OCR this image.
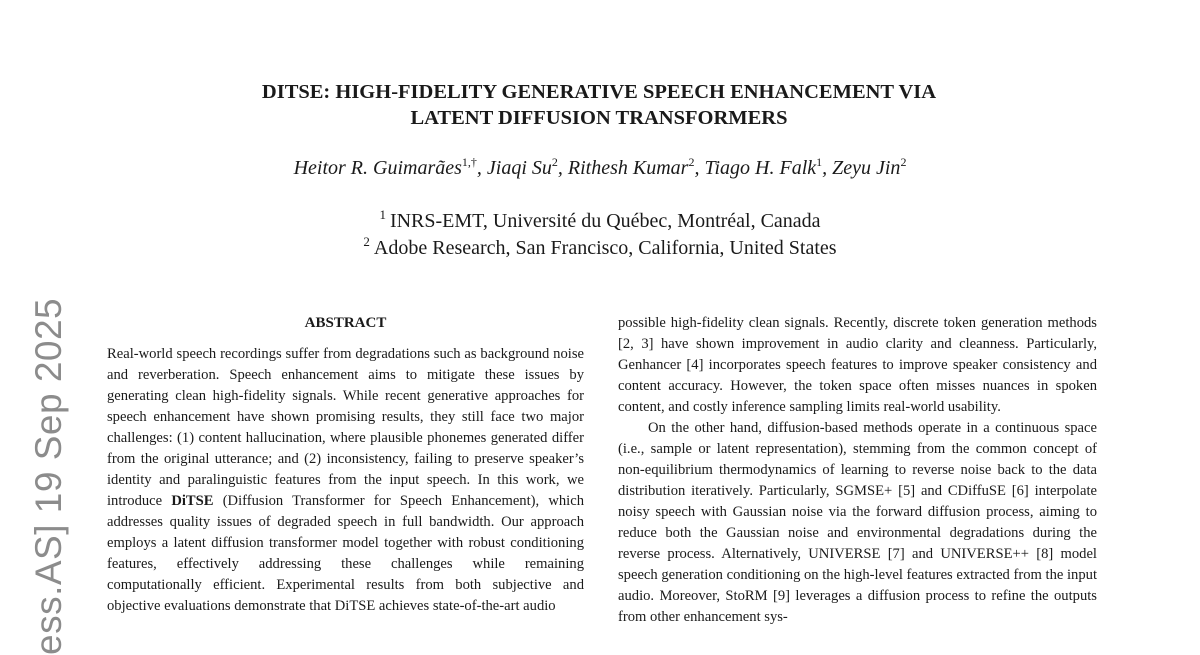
DITSE: HIGH-FIDELITY GENERATIVE SPEECH ENHANCEMENT VIA
LATENT DIFFUSION TRANSFORMERS
Heitor R. Guimarães$^{1,\dagger}$, Jiaqi Su$^2$, Rithesh Kumar$^2$, Tiago H. Falk$^1$, Zeyu Jin$^2$
$^1$ INRS-EMT, Université du Québec, Montréal, Canada
$^2$ Adobe Research, San Francisco, California, United States
ess.AS] 19 Sep 2025	ABSTRACT
Real-world speech recordings suffer from degradations such as background noise and reverberation. Speech enhancement aims to mitigate these issues by generating clean high-fidelity signals. While recent generative approaches for speech enhancement have shown promising results, they still face two major challenges: (1) content hallucination, where plausible phonemes generated differ from the original utterance; and (2) inconsistency, failing to preserve speaker’s identity and paralinguistic features from the input speech. In this work, we introduce DiTSE (Diffusion Transformer for Speech Enhancement), which addresses quality issues of degraded speech in full bandwidth. Our approach employs a latent diffusion transformer model together with robust conditioning features, effectively addressing these challenges while remaining computationally efficient. Experimental results from both subjective and objective evaluations demonstrate that DiTSE achieves state-of-the-art audio

possible high-fidelity clean signals. Recently, discrete token generation methods [2, 3] have shown improvement in audio clarity and cleanness. Particularly, Genhancer [4] incorporates speech features to improve speaker consistency and content accuracy. However, the token space often misses nuances in spoken content, and costly inference sampling limits real-world usability.

On the other hand, diffusion-based methods operate in a continuous space (i.e., sample or latent representation), stemming from the common concept of non-equilibrium thermodynamics of learning to reverse noise back to the data distribution iteratively. Particularly, SGMSE+ [5] and CDiffuSE [6] interpolate noisy speech with Gaussian noise via the forward diffusion process, aiming to reduce both the Gaussian noise and environmental degradations during the reverse process. Alternatively, UNIVERSE [7] and UNIVERSE++ [8] model speech generation conditioning on the high-level features extracted from the input audio. Moreover, StoRM [9] leverages a diffusion process to refine the outputs from other enhancement sys-
